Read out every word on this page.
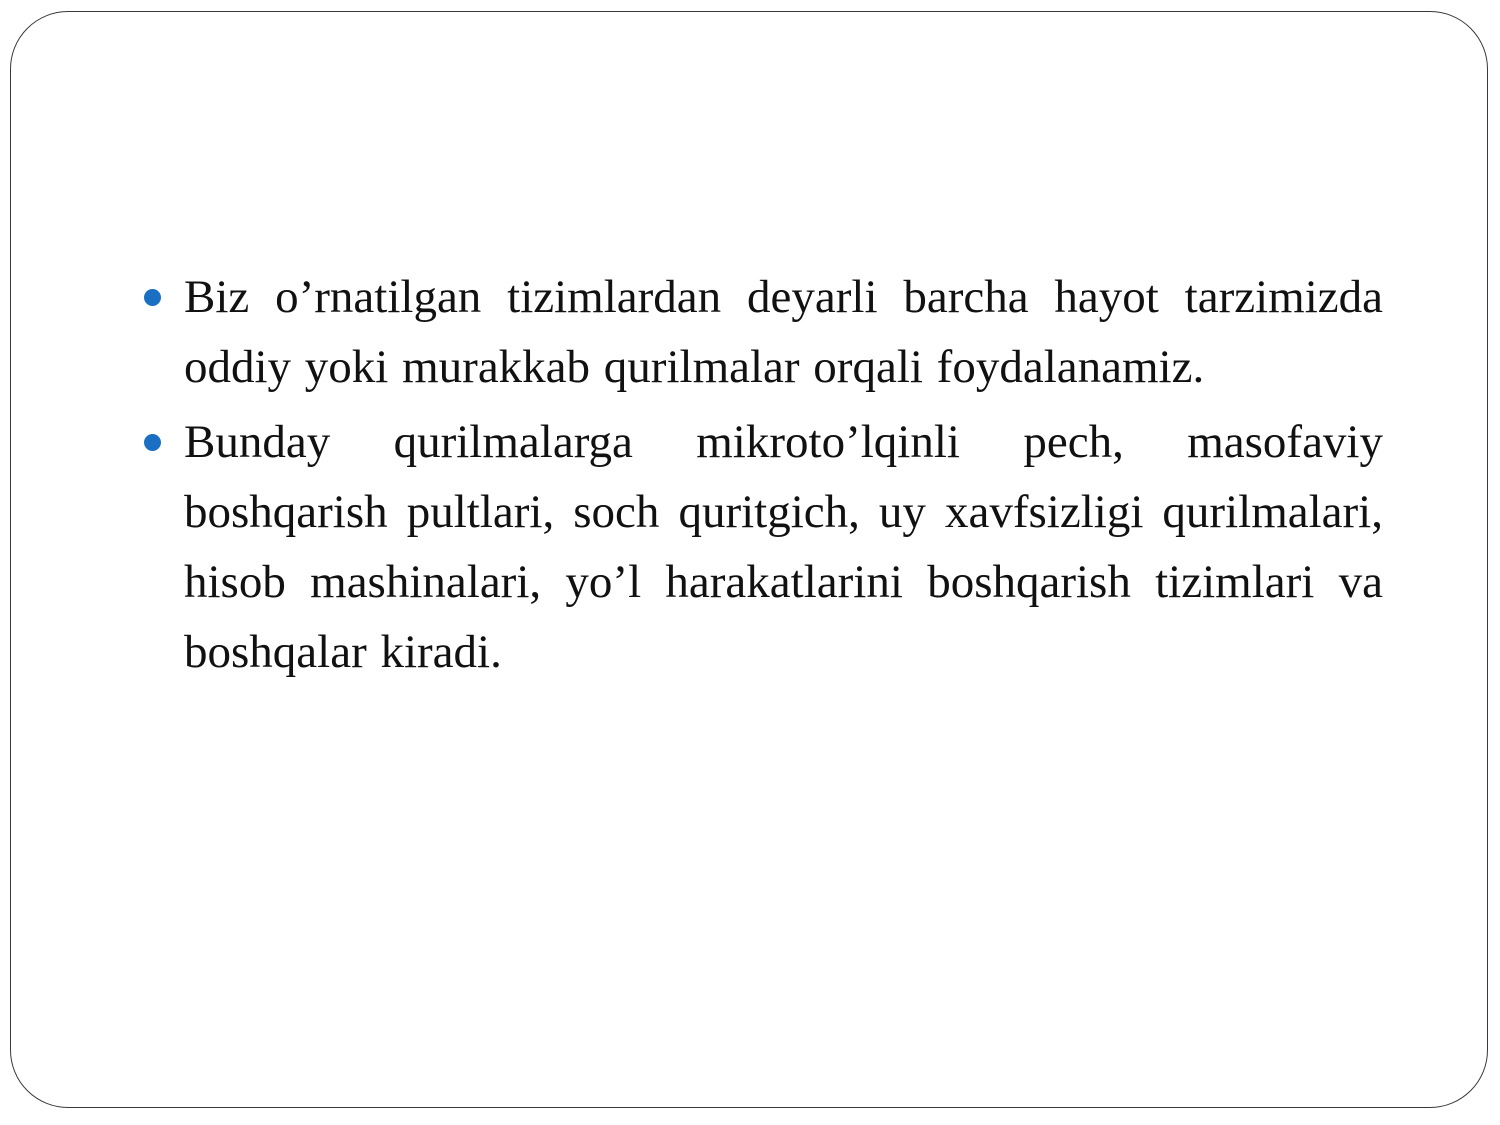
Biz o’rnatilgan tizimlardan deyarli barcha hayot tarzimizda oddiy yoki murakkab qurilmalar orqali foydalanamiz.
Bunday qurilmalarga mikroto’lqinli pech, masofaviy boshqarish pultlari, soch quritgich, uy xavfsizligi qurilmalari, hisob mashinalari, yo’l harakatlarini boshqarish tizimlari va boshqalar kiradi.
